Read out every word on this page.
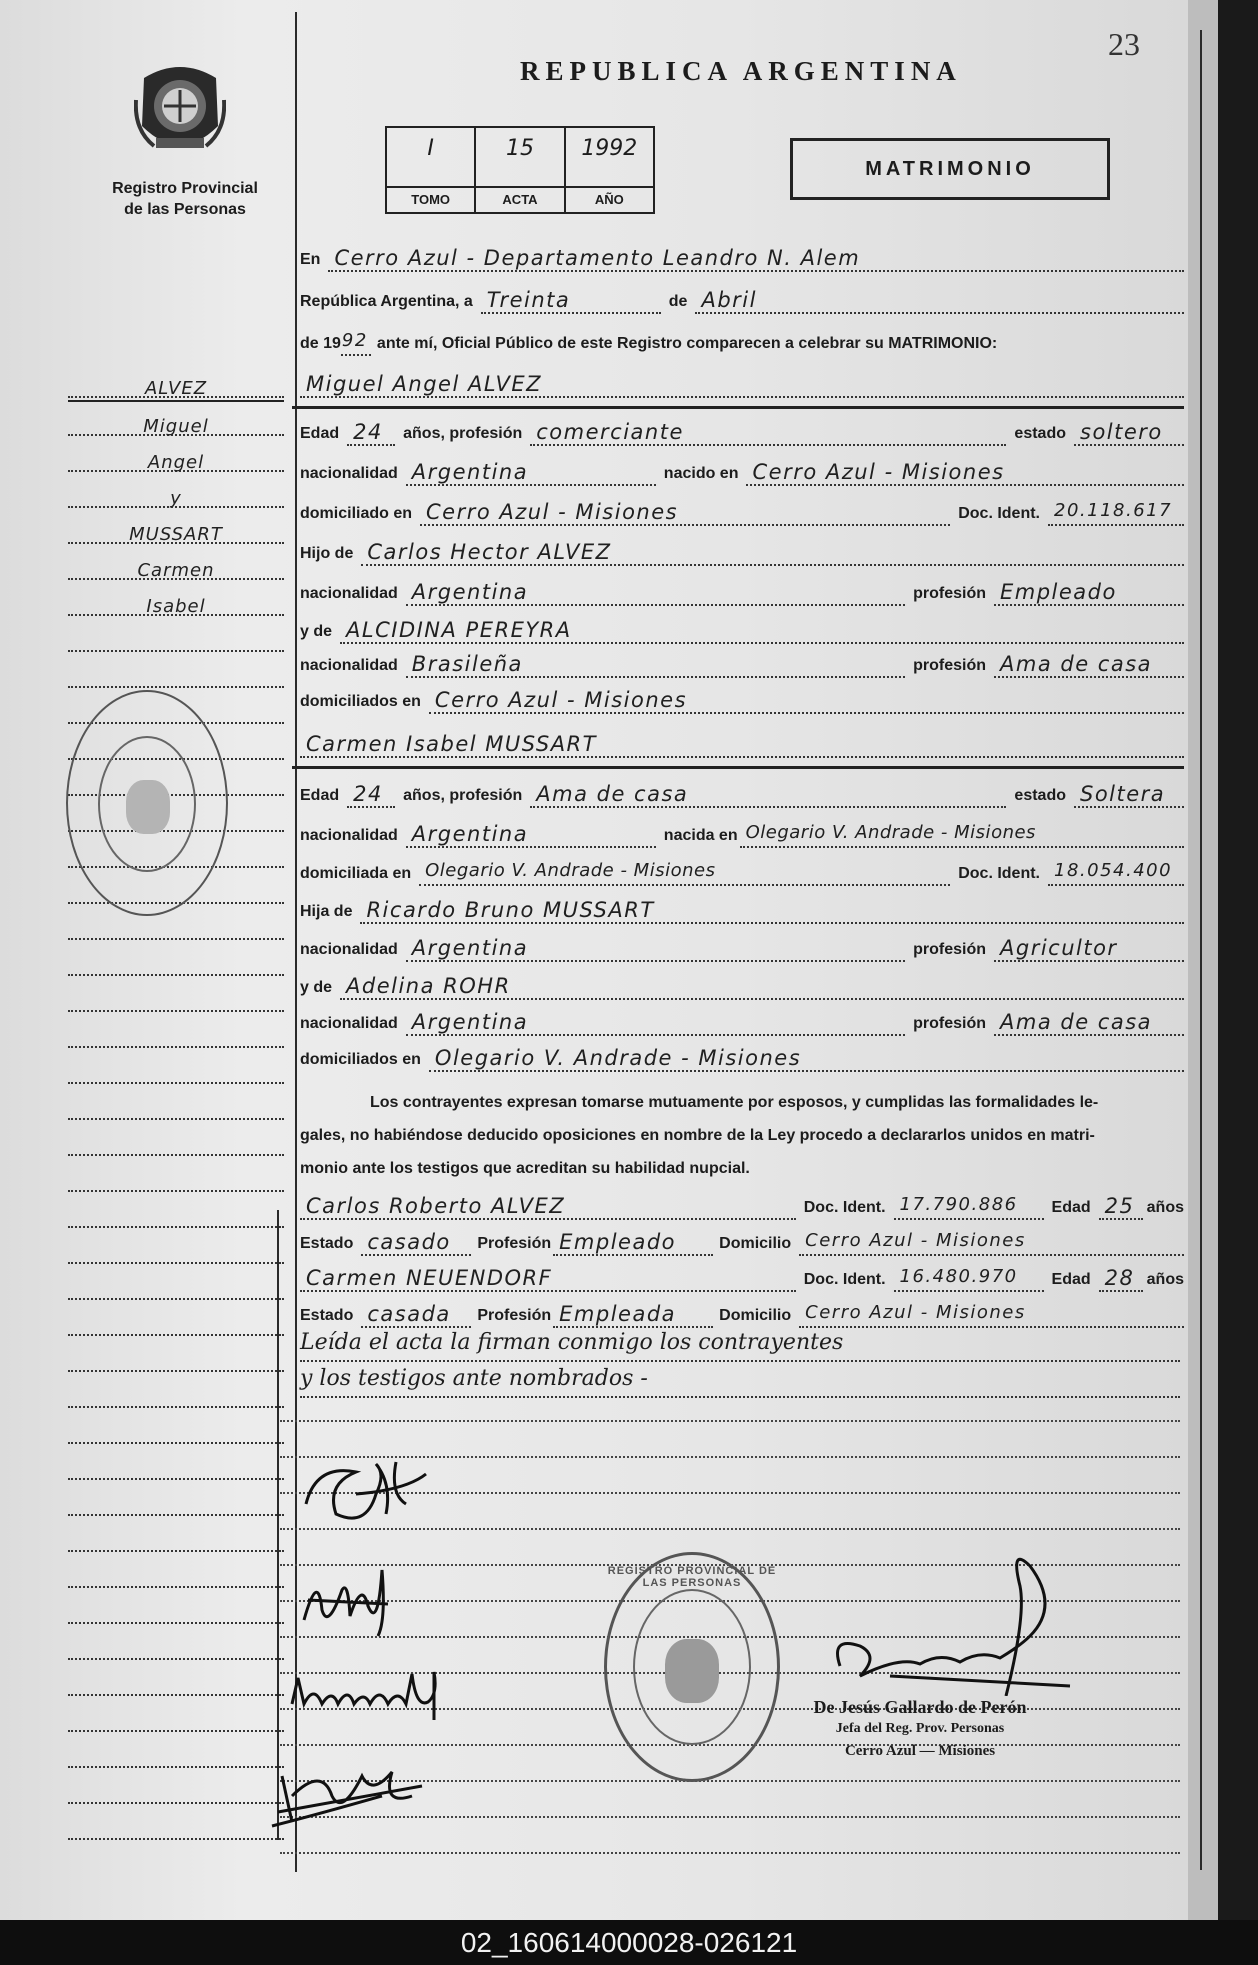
Registro Provincial
de las Personas
ALVEZ
Miguel
Angel
y
MUSSART
Carmen
Isabel
23
REPUBLICA ARGENTINA
I
TOMO
15
ACTA
1992
AÑO
MATRIMONIO
En Cerro Azul - Departamento Leandro N. Alem
República Argentina, a Treinta	de Abril
de 19 92 ante mí, Oficial Público de este Registro comparecen a celebrar su MATRIMONIO:
Miguel Angel ALVEZ
Edad 24	años, profesión comerciante	estado soltero
nacionalidad Argentina	nacido en Cerro Azul - Misiones
domiciliado en Cerro Azul - Misiones	Doc. Ident. 20.118.617
Hijo de Carlos Hector ALVEZ
nacionalidad Argentina	profesión Empleado
y de ALCIDINA PEREYRA
nacionalidad Brasileña	profesión Ama de casa
domiciliados en Cerro Azul - Misiones
Carmen Isabel MUSSART
Edad 24	años, profesión Ama de casa	estado Soltera
nacionalidad Argentina	nacida en Olegario V. Andrade - Misiones
domiciliada en Olegario V. Andrade - Misiones	Doc. Ident. 18.054.400
Hija de Ricardo Bruno MUSSART
nacionalidad Argentina	profesión Agricultor
y de Adelina ROHR
nacionalidad Argentina	profesión Ama de casa
domiciliados en Olegario V. Andrade - Misiones
Los contrayentes expresan tomarse mutuamente por esposos, y cumplidas las formalidades le-
gales, no habiéndose deducido oposiciones en nombre de la Ley procedo a declararlos unidos en matri-
monio ante los testigos que acreditan su habilidad nupcial.
Carlos Roberto ALVEZ	Doc. Ident. 17.790.886	Edad 25 años
Estado casado	Profesión Empleado	Domicilio Cerro Azul - Misiones
Carmen NEUENDORF	Doc. Ident. 16.480.970	Edad 28 años
Estado casada	Profesión Empleada	Domicilio Cerro Azul - Misiones
Leída el acta la firman conmigo los contrayentes
y los testigos ante nombrados -
REGISTRO PROVINCIAL DE LAS PERSONAS
De Jesús Gallardo de Perón
Jefa del Reg. Prov. Personas
Cerro Azul — Misiones
02_160614000028-026121
